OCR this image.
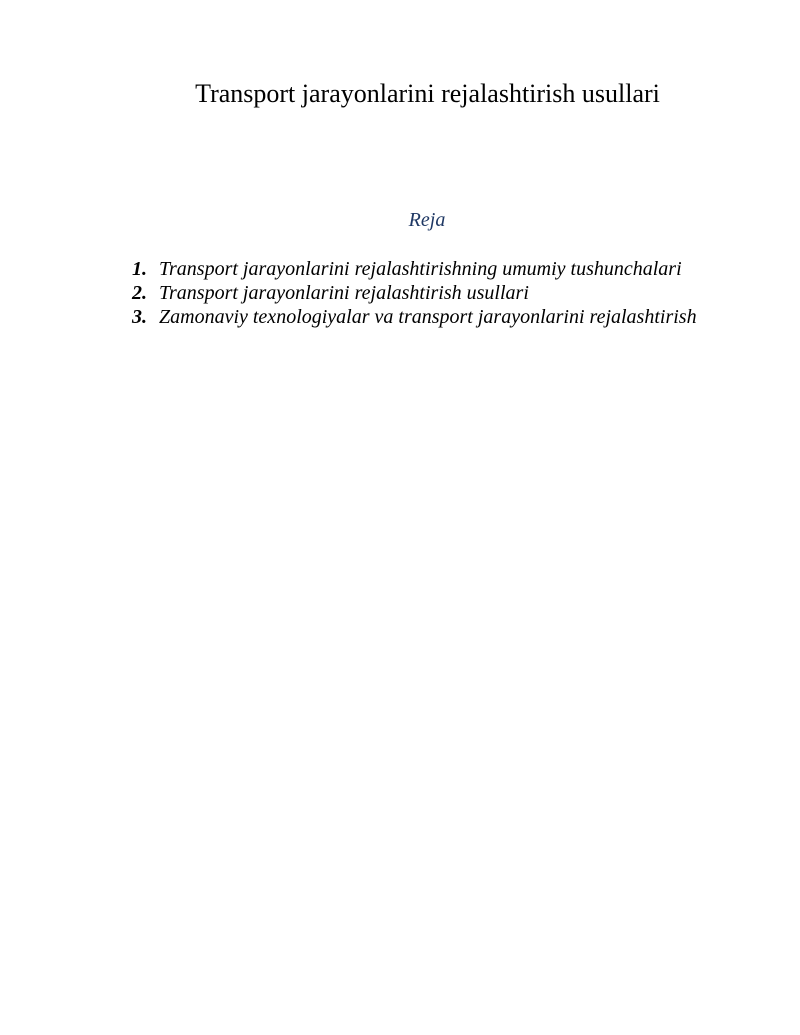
Transport jarayonlarini rejalashtirish usullari
Reja
1. Transport jarayonlarini rejalashtirishning umumiy tushunchalari
2. Transport jarayonlarini rejalashtirish usullari
3. Zamonaviy texnologiyalar va transport jarayonlarini rejalashtirish
